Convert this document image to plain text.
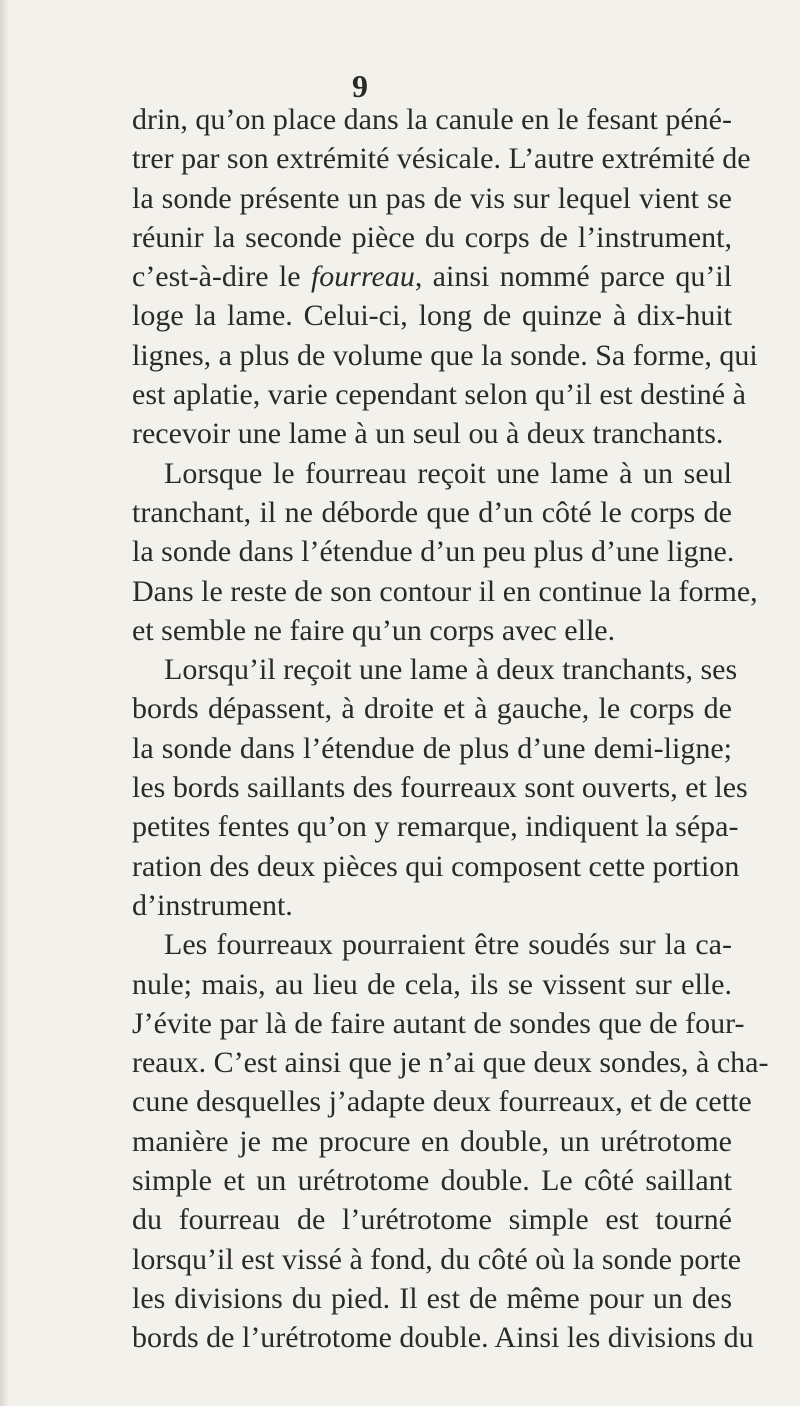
9
drin, qu’on place dans la canule en le fesant péné-
trer par son extrémité vésicale. L’autre extrémité de
la sonde présente un pas de vis sur lequel vient se
réunir la seconde pièce du corps de l’instrument,
c’est-à-dire le fourreau, ainsi nommé parce qu’il
loge la lame. Celui-ci, long de quinze à dix-huit
lignes, a plus de volume que la sonde. Sa forme, qui
est aplatie, varie cependant selon qu’il est destiné à
recevoir une lame à un seul ou à deux tranchants.
Lorsque le fourreau reçoit une lame à un seul
tranchant, il ne déborde que d’un côté le corps de
la sonde dans l’étendue d’un peu plus d’une ligne.
Dans le reste de son contour il en continue la forme,
et semble ne faire qu’un corps avec elle.
Lorsqu’il reçoit une lame à deux tranchants, ses
bords dépassent, à droite et à gauche, le corps de
la sonde dans l’étendue de plus d’une demi-ligne;
les bords saillants des fourreaux sont ouverts, et les
petites fentes qu’on y remarque, indiquent la sépa-
ration des deux pièces qui composent cette portion
d’instrument.
Les fourreaux pourraient être soudés sur la ca-
nule; mais, au lieu de cela, ils se vissent sur elle.
J’évite par là de faire autant de sondes que de four-
reaux. C’est ainsi que je n’ai que deux sondes, à cha-
cune desquelles j’adapte deux fourreaux, et de cette
manière je me procure en double, un urétrotome
simple et un urétrotome double. Le côté saillant
du fourreau de l’urétrotome simple est tourné
lorsqu’il est vissé à fond, du côté où la sonde porte
les divisions du pied. Il est de même pour un des
bords de l’urétrotome double. Ainsi les divisions du
